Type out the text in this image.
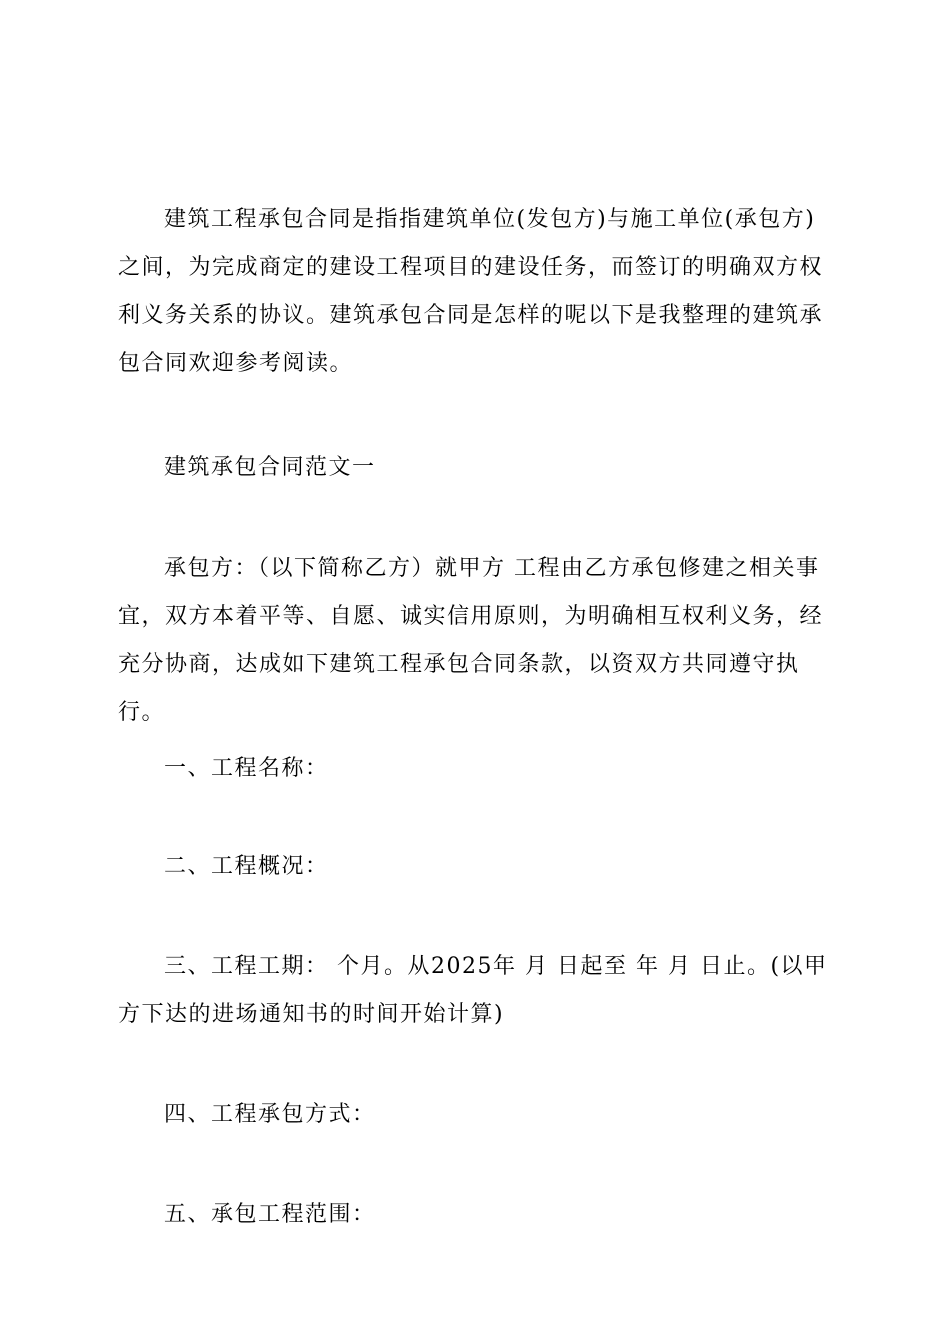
建筑工程承包合同是指指建筑单位(发包方)与施工单位(承包方)之间，为完成商定的建设工程项目的建设任务，而签订的明确双方权利义务关系的协议。建筑承包合同是怎样的呢以下是我整理的建筑承包合同欢迎参考阅读。

建筑承包合同范文一

承包方：（以下简称乙方）就甲方 工程由乙方承包修建之相关事宜，双方本着平等、自愿、诚实信用原则，为明确相互权利义务，经充分协商，达成如下建筑工程承包合同条款，以资双方共同遵守执行。

一、工程名称：

二、工程概况：

三、工程工期： 个月。从2025年 月 日起至 年 月 日止。(以甲方下达的进场通知书的时间开始计算)

四、工程承包方式：

五、承包工程范围：
